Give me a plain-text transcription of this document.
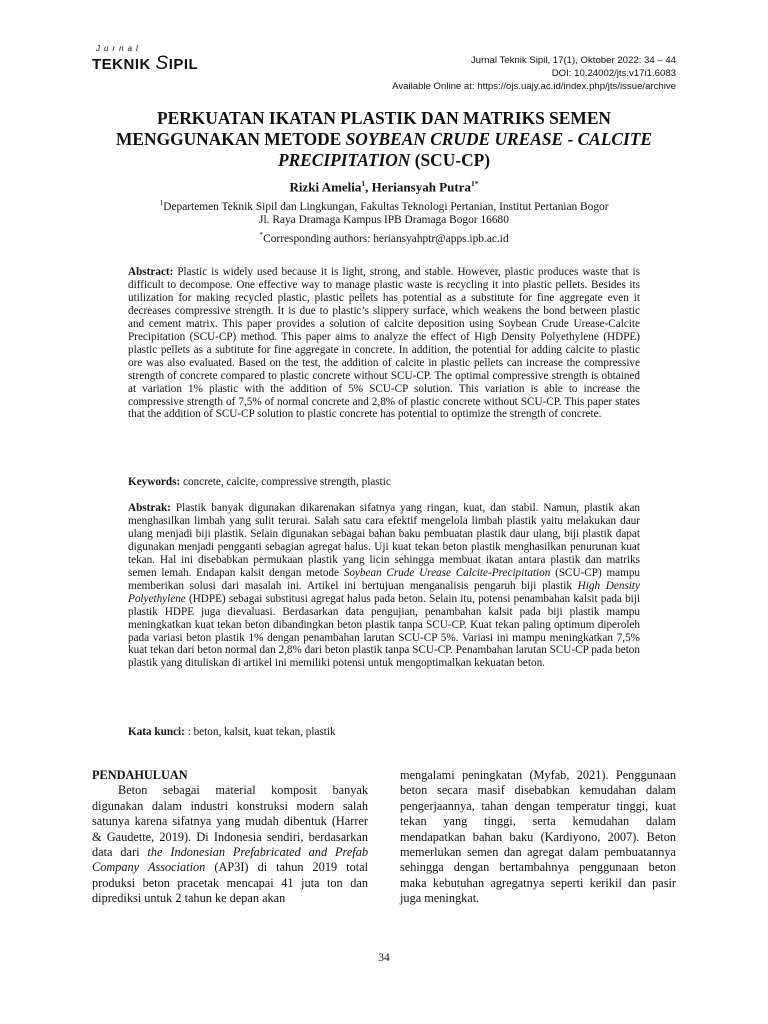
Jurnal
TEKNIK SIPIL	Jurnal Teknik Sipil, 17(1), Oktober 2022: 34 – 44
DOI: 10.24002/jts.v17i1.6083
Available Online at: https://ojs.uajy.ac.id/index.php/jts/issue/archive
PERKUATAN IKATAN PLASTIK DAN MATRIKS SEMEN
MENGGUNAKAN METODE SOYBEAN CRUDE UREASE - CALCITE
PRECIPITATION (SCU-CP)
Rizki Amelia$^1$, Heriansyah Putra$^{1*}$
$^1$Departemen Teknik Sipil dan Lingkungan, Fakultas Teknologi Pertanian, Institut Pertanian Bogor
Jl. Raya Dramaga Kampus IPB Dramaga Bogor 16680
*Corresponding authors: heriansyahptr@apps.ipb.ac.id
Abstract: Plastic is widely used because it is light, strong, and stable. However, plastic produces waste that is difficult to decompose. One effective way to manage plastic waste is recycling it into plastic pellets. Besides its utilization for making recycled plastic, plastic pellets has potential as a substitute for fine aggregate even it decreases compressive strength. It is due to plastic’s slippery surface, which weakens the bond between plastic and cement matrix. This paper provides a solution of calcite deposition using Soybean Crude Urease-Calcite Precipitation (SCU-CP) method. This paper aims to analyze the effect of High Density Polyethylene (HDPE) plastic pellets as a subtitute for fine aggregate in concrete. In addition, the potential for adding calcite to plastic ore was also evaluated. Based on the test, the addition of calcite in plastic pellets can increase the compressive strength of concrete compared to plastic concrete without SCU-CP. The optimal compressive strength is obtained at variation 1% plastic with the addition of 5% SCU-CP solution. This variation is able to increase the compressive strength of 7,5% of normal concrete and 2,8% of plastic concrete without SCU-CP. This paper states that the addition of SCU-CP solution to plastic concrete has potential to optimize the strength of concrete.
Keywords: concrete, calcite, compressive strength, plastic
Abstrak: Plastik banyak digunakan dikarenakan sifatnya yang ringan, kuat, dan stabil. Namun, plastik akan menghasilkan limbah yang sulit terurai. Salah satu cara efektif mengelola limbah plastik yaitu melakukan daur ulang menjadi biji plastik. Selain digunakan sebagai bahan baku pembuatan plastik daur ulang, biji plastik dapat digunakan menjadi pengganti sebagian agregat halus. Uji kuat tekan beton plastik menghasilkan penurunan kuat tekan. Hal ini disebabkan permukaan plastik yang licin sehingga membuat ikatan antara plastik dan matriks semen lemah. Endapan kalsit dengan metode Soybean Crude Urease Calcite-Precipitation (SCU-CP) mampu memberikan solusi dari masalah ini. Artikel ini bertujuan menganalisis pengaruh biji plastik High Density Polyethylene (HDPE) sebagai substitusi agregat halus pada beton. Selain itu, potensi penambahan kalsit pada biji plastik HDPE juga dievaluasi. Berdasarkan data pengujian, penambahan kalsit pada biji plastik mampu meningkatkan kuat tekan beton dibandingkan beton plastik tanpa SCU-CP. Kuat tekan paling optimum diperoleh pada variasi beton plastik 1% dengan penambahan larutan SCU-CP 5%. Variasi ini mampu meningkatkan 7,5% kuat tekan dari beton normal dan 2,8% dari beton plastik tanpa SCU-CP. Penambahan larutan SCU-CP pada beton plastik yang dituliskan di artikel ini memiliki potensi untuk mengoptimalkan kekuatan beton.
Kata kunci: : beton, kalsit, kuat tekan, plastik
PENDAHULUAN
Beton sebagai material komposit banyak digunakan dalam industri konstruksi modern salah satunya karena sifatnya yang mudah dibentuk (Harrer & Gaudette, 2019). Di Indonesia sendiri, berdasarkan data dari the Indonesian Prefabricated and Prefab Company Association (AP3I) di tahun 2019 total produksi beton pracetak mencapai 41 juta ton dan diprediksi untuk 2 tahun ke depan akan
mengalami peningkatan (Myfab, 2021). Penggunaan beton secara masif disebabkan kemudahan dalam pengerjaannya, tahan dengan temperatur tinggi, kuat tekan yang tinggi, serta kemudahan dalam mendapatkan bahan baku (Kardiyono, 2007). Beton memerlukan semen dan agregat dalam pembuatannya sehingga dengan bertambahnya penggunaan beton maka kebutuhan agregatnya seperti kerikil dan pasir juga meningkat.
34
